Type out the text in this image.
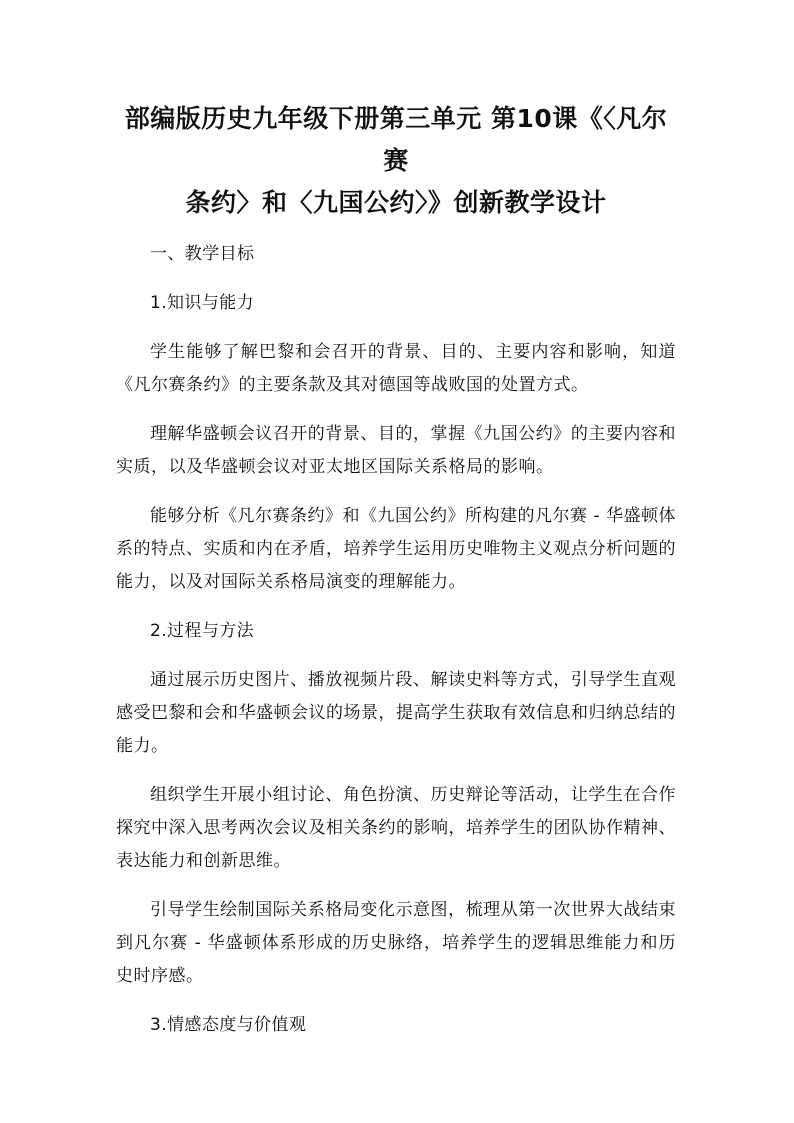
部编版历史九年级下册第三单元 第10课《〈凡尔赛
条约〉和〈九国公约〉》创新教学设计

一、教学目标

1.知识与能力

学生能够了解巴黎和会召开的背景、目的、主要内容和影响，知道《凡尔赛条约》的主要条款及其对德国等战败国的处置方式。

理解华盛顿会议召开的背景、目的，掌握《九国公约》的主要内容和实质，以及华盛顿会议对亚太地区国际关系格局的影响。

能够分析《凡尔赛条约》和《九国公约》所构建的凡尔赛 - 华盛顿体系的特点、实质和内在矛盾，培养学生运用历史唯物主义观点分析问题的能力，以及对国际关系格局演变的理解能力。

2.过程与方法

通过展示历史图片、播放视频片段、解读史料等方式，引导学生直观感受巴黎和会和华盛顿会议的场景，提高学生获取有效信息和归纳总结的能力。

组织学生开展小组讨论、角色扮演、历史辩论等活动，让学生在合作探究中深入思考两次会议及相关条约的影响，培养学生的团队协作精神、表达能力和创新思维。

引导学生绘制国际关系格局变化示意图，梳理从第一次世界大战结束到凡尔赛 - 华盛顿体系形成的历史脉络，培养学生的逻辑思维能力和历史时序感。

3.情感态度与价值观
